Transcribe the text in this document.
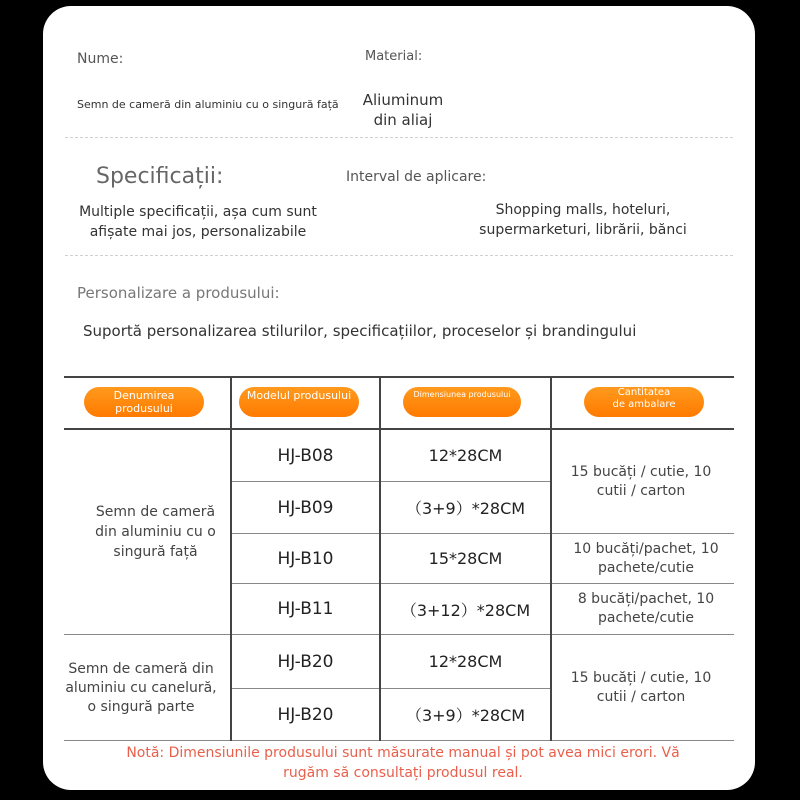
Nume:
Semn de cameră din aluminiu cu o singură față
Material:
Aliuminum din aliaj
Specificații:
Multiple specificații, așa cum sunt afișate mai jos, personalizabile
Interval de aplicare:
Shopping malls, hoteluri, supermarketuri, librării, bănci
Personalizare a produsului:
Suportă personalizarea stilurilor, specificațiilor, proceselor și brandingului
Denumirea produsului
Modelul produsului	Dimensiunea produsului	Cantitatea de ambalare
Semn de cameră din aluminiu cu o singură față
Semn de cameră din aluminiu cu canelură, o singură parte
HJ-B08
HJ-B09
HJ-B10
HJ-B11
HJ-B20
HJ-B20
12*28CM
（3+9）*28CM
15*28CM
（3+12）*28CM
12*28CM
（3+9）*28CM
15 bucăți / cutie, 10 cutii / carton
10 bucăți/pachet, 10 pachete/cutie
8 bucăți/pachet, 10 pachete/cutie
15 bucăți / cutie, 10 cutii / carton
Notă: Dimensiunile produsului sunt măsurate manual și pot avea mici erori. Vă rugăm să consultați produsul real.
